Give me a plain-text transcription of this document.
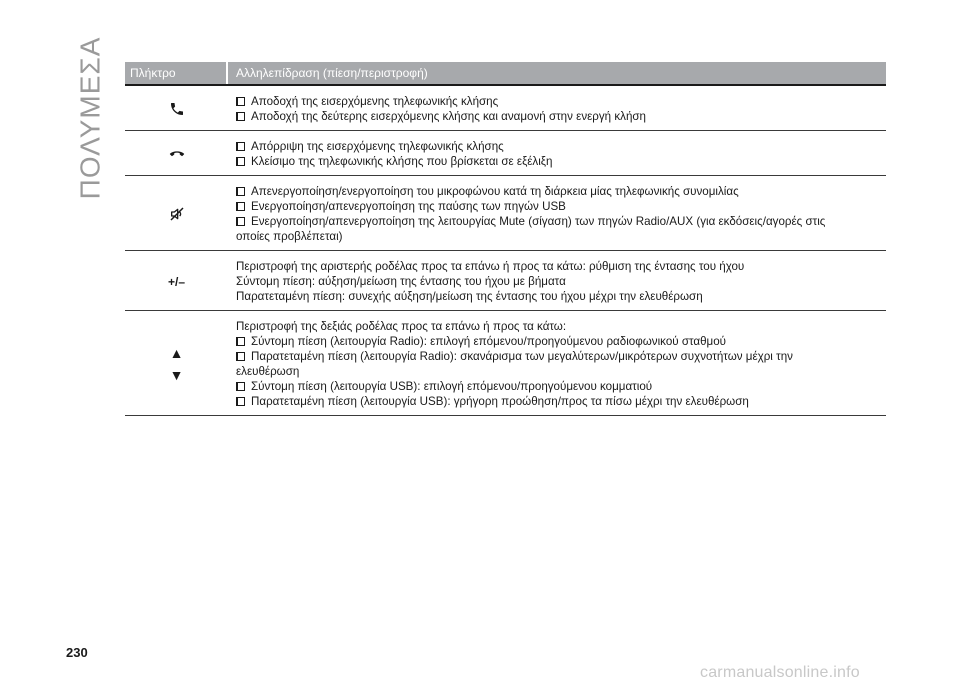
ΠΟΛΥΜΕΣΑ	Πλήκτρο	Αλληλεπίδραση (πίεση/περιστροφή)
Αποδοχή της εισερχόμενης τηλεφωνικής κλήσης
Αποδοχή της δεύτερης εισερχόμενης κλήσης και αναμονή στην ενεργή κλήση
Απόρριψη της εισερχόμενης τηλεφωνικής κλήσης
Κλείσιμο της τηλεφωνικής κλήσης που βρίσκεται σε εξέλιξη
Απενεργοποίηση/ενεργοποίηση του μικροφώνου κατά τη διάρκεια μίας τηλεφωνικής συνομιλίας
Ενεργοποίηση/απενεργοποίηση της παύσης των πηγών USB
Ενεργοποίηση/απενεργοποίηση της λειτουργίας Mute (σίγαση) των πηγών Radio/AUX (για εκδόσεις/αγορές στις
οποίες προβλέπεται)
+/–
Περιστροφή της αριστερής ροδέλας προς τα επάνω ή προς τα κάτω: ρύθμιση της έντασης του ήχου
Σύντομη πίεση: αύξηση/μείωση της έντασης του ήχου με βήματα
Παρατεταμένη πίεση: συνεχής αύξηση/μείωση της έντασης του ήχου μέχρι την ελευθέρωση
▲
▼
Περιστροφή της δεξιάς ροδέλας προς τα επάνω ή προς τα κάτω:
Σύντομη πίεση (λειτουργία Radio): επιλογή επόμενου/προηγούμενου ραδιοφωνικού σταθμού
Παρατεταμένη πίεση (λειτουργία Radio): σκανάρισμα των μεγαλύτερων/μικρότερων συχνοτήτων μέχρι την
ελευθέρωση
Σύντομη πίεση (λειτουργία USB): επιλογή επόμενου/προηγούμενου κομματιού
Παρατεταμένη πίεση (λειτουργία USB): γρήγορη προώθηση/προς τα πίσω μέχρι την ελευθέρωση
230
carmanualsonline.info
